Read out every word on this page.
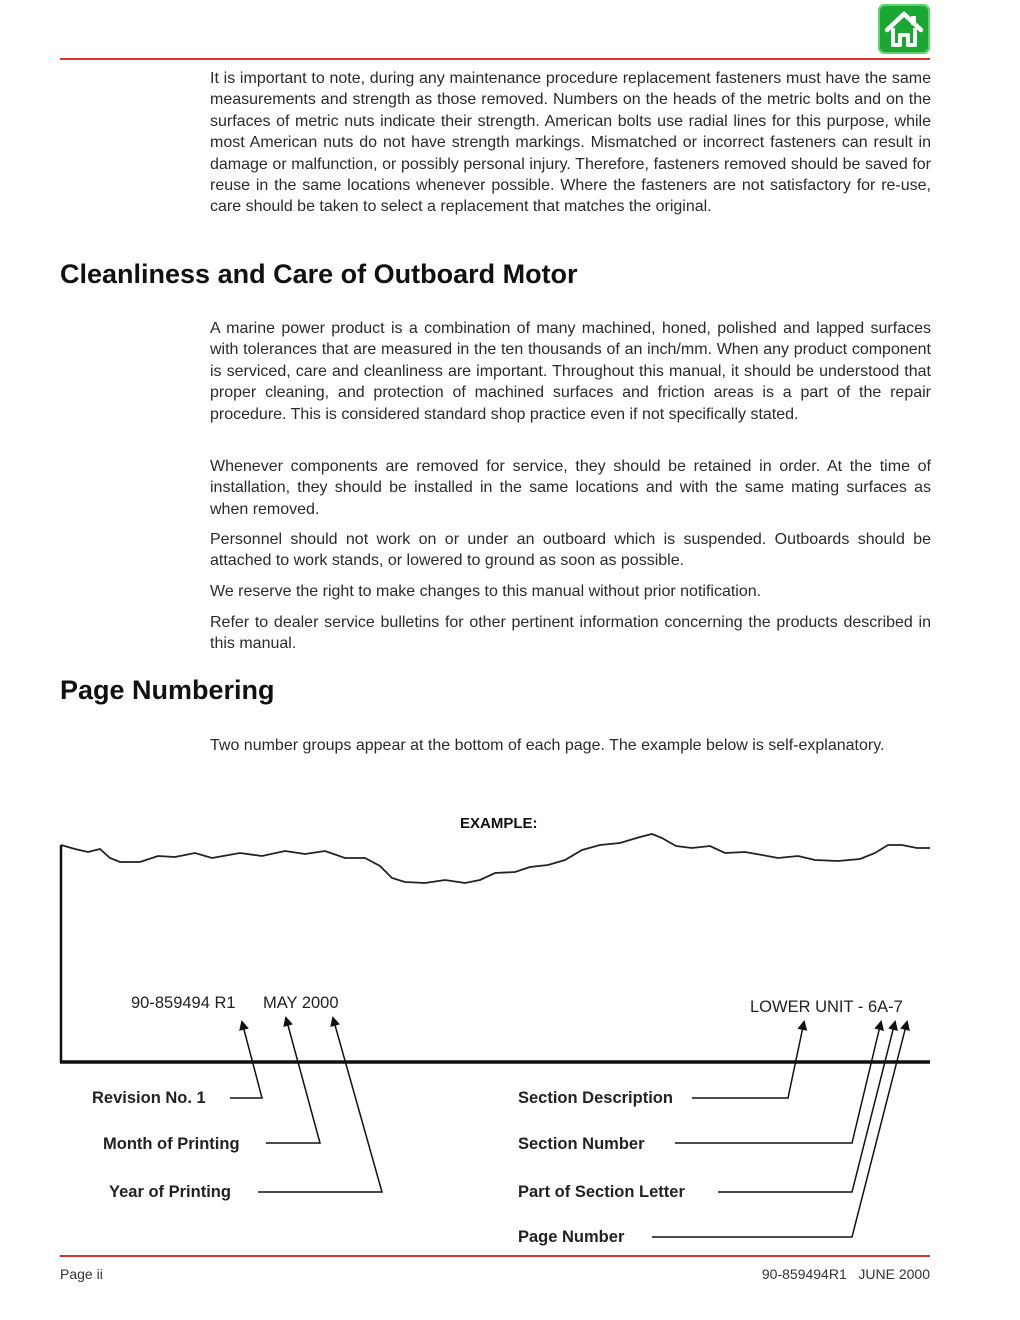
It is important to note, during any maintenance procedure replacement fasteners must have the same measurements and strength as those removed. Numbers on the heads of the metric bolts and on the surfaces of metric nuts indicate their strength. American bolts use radial lines for this purpose, while most American nuts do not have strength markings. Mismatched or incorrect fasteners can result in damage or malfunction, or possibly personal injury. Therefore, fasteners removed should be saved for reuse in the same locations whenever possible. Where the fasteners are not satisfactory for re-use, care should be taken to select a replacement that matches the original.

Cleanliness and Care of Outboard Motor

A marine power product is a combination of many machined, honed, polished and lapped surfaces with tolerances that are measured in the ten thousands of an inch/mm. When any product component is serviced, care and cleanliness are important. Throughout this manual, it should be understood that proper cleaning, and protection of machined surfaces and friction areas is a part of the repair procedure. This is considered standard shop practice even if not specifically stated.

Whenever components are removed for service, they should be retained in order. At the time of installation, they should be installed in the same locations and with the same mating surfaces as when removed.

Personnel should not work on or under an outboard which is suspended. Outboards should be attached to work stands, or lowered to ground as soon as possible.

We reserve the right to make changes to this manual without prior notification.

Refer to dealer service bulletins for other pertinent information concerning the products described in this manual.

Page Numbering

Two number groups appear at the bottom of each page. The example below is self-explanatory.

EXAMPLE:
90-859494 R1 MAY 2000	LOWER UNIT - 6A-7
Revision No. 1
Month of Printing
Year of Printing
Section Description
Section Number
Part of Section Letter
Page Number
Page ii	90-859494R1   JUNE 2000
